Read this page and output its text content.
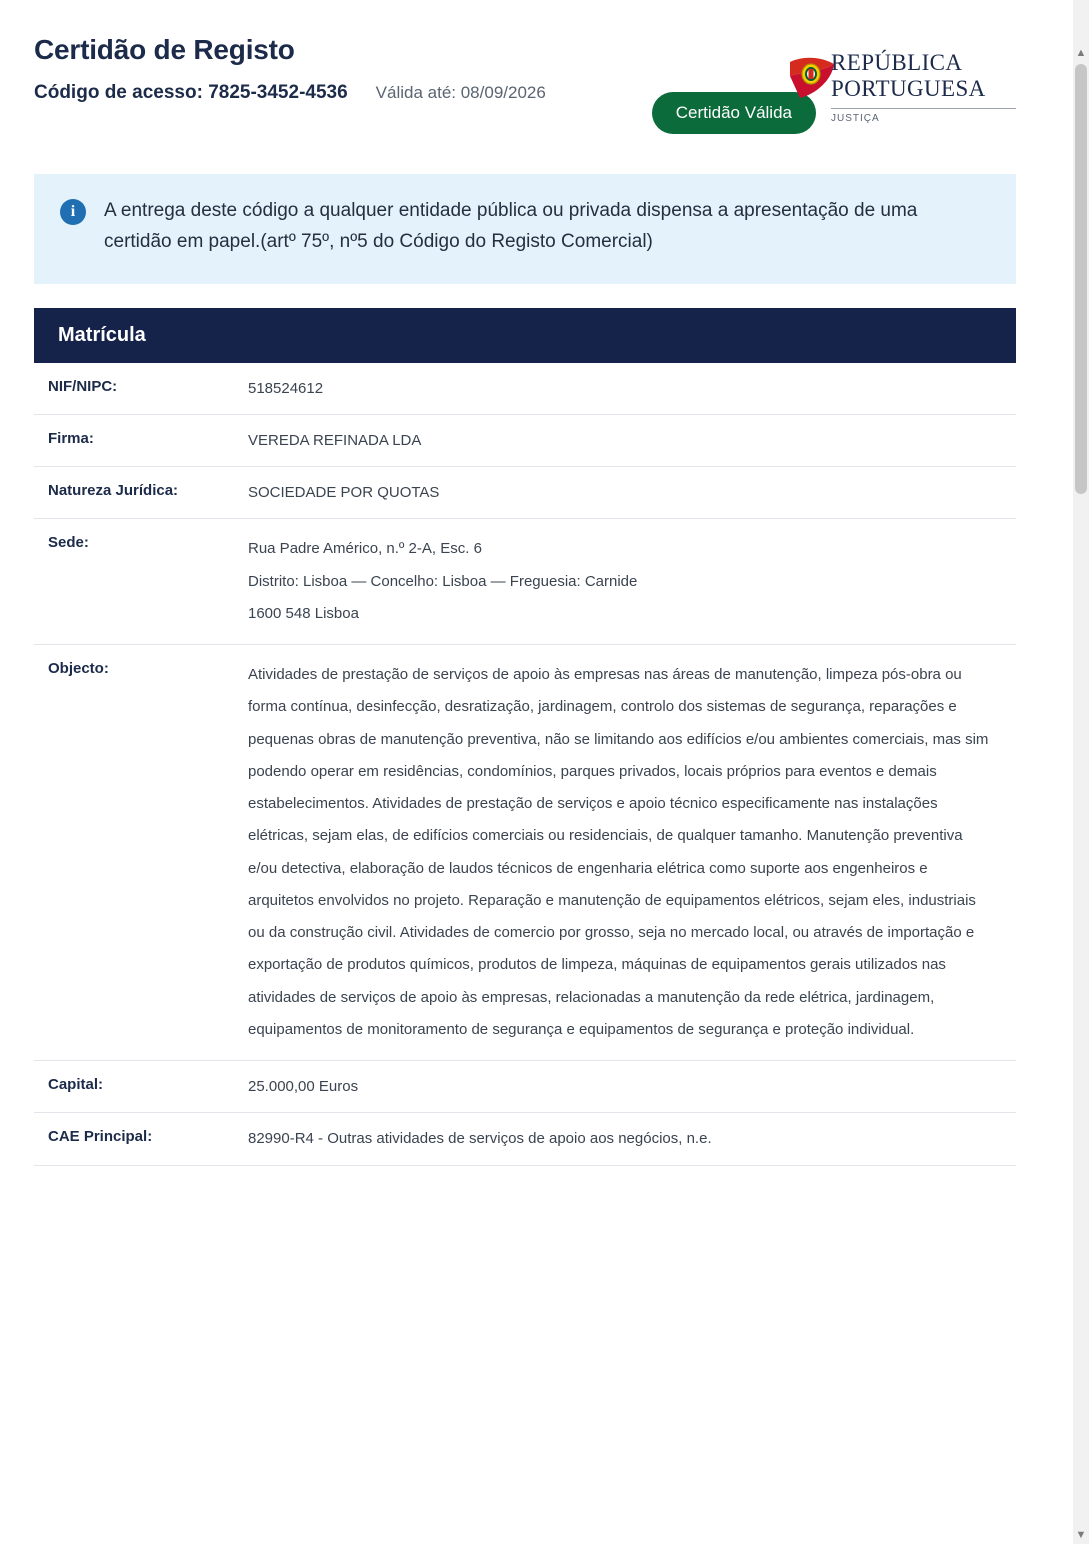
Certidão de Registo
Código de acesso: 7825-3452-4536 Válida até: 08/09/2026
Certidão Válida
REPÚBLICA
PORTUGUESA
JUSTIÇA
i	A entrega deste código a qualquer entidade pública ou privada dispensa a apresentação de uma certidão em papel.(artº 75º, nº5 do Código do Registo Comercial)
Matrícula
NIF/NIPC:	518524612
Firma:	VEREDA REFINADA LDA
Natureza Jurídica:	SOCIEDADE POR QUOTAS
Sede:	Rua Padre Américo, n.º 2-A, Esc. 6

Distrito: Lisboa — Concelho: Lisboa — Freguesia: Carnide

1600 548 Lisboa

Objecto:	Atividades de prestação de serviços de apoio às empresas nas áreas de manutenção, limpeza pós-obra ou forma contínua, desinfecção, desratização, jardinagem, controlo dos sistemas de segurança, reparações e pequenas obras de manutenção preventiva, não se limitando aos edifícios e/ou ambientes comerciais, mas sim podendo operar em residências, condomínios, parques privados, locais próprios para eventos e demais estabelecimentos. Atividades de prestação de serviços e apoio técnico especificamente nas instalações elétricas, sejam elas, de edifícios comerciais ou residenciais, de qualquer tamanho. Manutenção preventiva e/ou detectiva, elaboração de laudos técnicos de engenharia elétrica como suporte aos engenheiros e arquitetos envolvidos no projeto. Reparação e manutenção de equipamentos elétricos, sejam eles, industriais ou da construção civil. Atividades de comercio por grosso, seja no mercado local, ou através de importação e exportação de produtos químicos, produtos de limpeza, máquinas de equipamentos gerais utilizados nas atividades de serviços de apoio às empresas, relacionadas a manutenção da rede elétrica, jardinagem, equipamentos de monitoramento de segurança e equipamentos de segurança e proteção individual.
Capital:	25.000,00 Euros
CAE Principal:	82990-R4 - Outras atividades de serviços de apoio aos negócios, n.e.
▲
▼
